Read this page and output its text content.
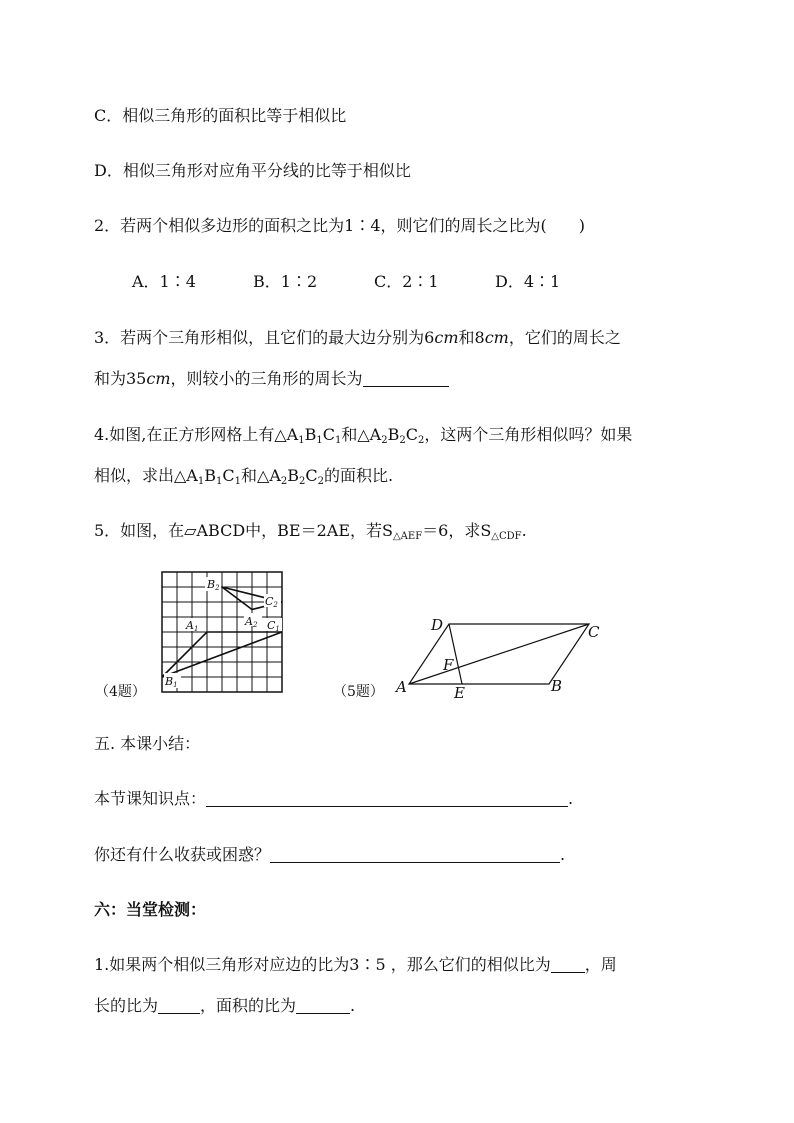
C．相似三角形的面积比等于相似比
D．相似三角形对应角平分线的比等于相似比
2．若两个相似多边形的面积之比为1∶4，则它们的周长之比为(　　)
A．1∶4	B．1∶2	C．2∶1	D．4∶1
3．若两个三角形相似，且它们的最大边分别为6cm和8cm，它们的周长之
和为35cm，则较小的三角形的周长为
4.如图,在正方形网格上有$\triangle A_1B_1C_1$和$\triangle A_2B_2C_2$，这两个三角形相似吗？如果
相似，求出$\triangle A_1B_1C_1$和$\triangle A_2B_2C_2$的面积比.
5．如图，在▱ABCD中，BE＝2AE，若$S_{\triangle AEF}=6$，求$S_{\triangle CDF}$.
B2
C2
A1
A2 C1
B1
（4题）
D	C
F
A	E	B
（5题）
五. 本课小结：
本节课知识点：	.
你还有什么收获或困惑？	.
六：当堂检测：
1.如果两个相似三角形对应边的比为3∶5 ，那么它们的相似比为 ，周
长的比为	，面积的比为	.
